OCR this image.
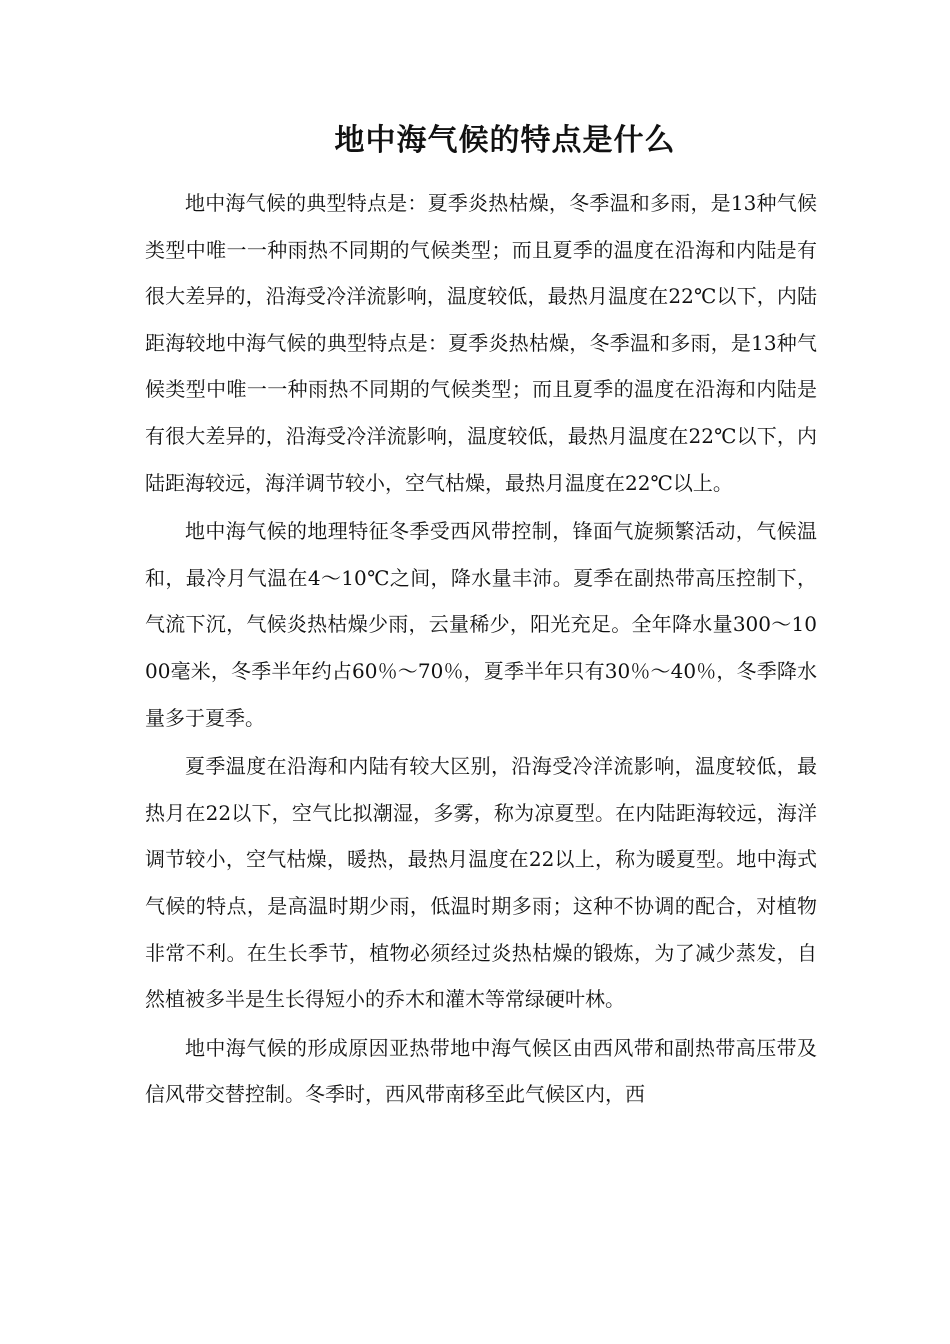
地中海气候的特点是什么

地中海气候的典型特点是：夏季炎热枯燥，冬季温和多雨，是13种气候类型中唯一一种雨热不同期的气候类型；而且夏季的温度在沿海和内陆是有很大差异的，沿海受冷洋流影响，温度较低，最热月温度在22℃以下，内陆距海较地中海气候的典型特点是：夏季炎热枯燥，冬季温和多雨，是13种气候类型中唯一一种雨热不同期的气候类型；而且夏季的温度在沿海和内陆是有很大差异的，沿海受冷洋流影响，温度较低，最热月温度在22℃以下，内陆距海较远，海洋调节较小，空气枯燥，最热月温度在22℃以上。

地中海气候的地理特征冬季受西风带控制，锋面气旋频繁活动，气候温和，最冷月气温在4～10℃之间，降水量丰沛。夏季在副热带高压控制下，气流下沉，气候炎热枯燥少雨，云量稀少，阳光充足。全年降水量300～1000毫米，冬季半年约占60％～70％，夏季半年只有30％～40％，冬季降水量多于夏季。

夏季温度在沿海和内陆有较大区别，沿海受冷洋流影响，温度较低，最热月在22以下，空气比拟潮湿，多雾，称为凉夏型。在内陆距海较远，海洋调节较小，空气枯燥，暖热，最热月温度在22以上，称为暖夏型。地中海式气候的特点，是高温时期少雨，低温时期多雨；这种不协调的配合，对植物非常不利。在生长季节，植物必须经过炎热枯燥的锻炼，为了减少蒸发，自然植被多半是生长得短小的乔木和灌木等常绿硬叶林。

地中海气候的形成原因亚热带地中海气候区由西风带和副热带高压带及信风带交替控制。冬季时，西风带南移至此气候区内，西
